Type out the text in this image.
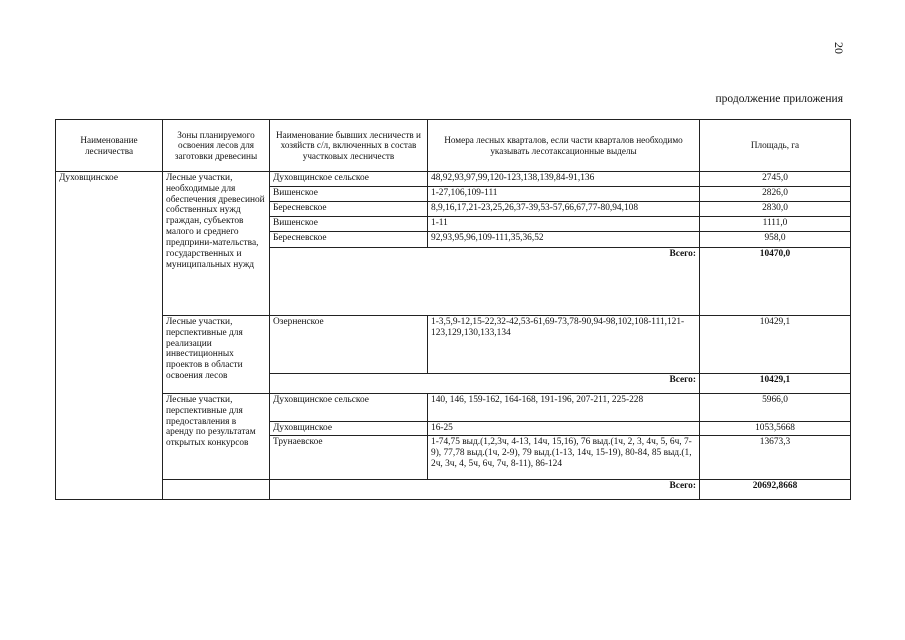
20
продолжение приложения
Наименование лесничества	Зоны планируемого освоения лесов для заготовки древесины	Наименование бывших лесничеств и хозяйств с/л, включенных в состав участковых лесничеств	Номера лесных кварталов, если части кварталов необходимо указывать лесотаксационные выделы	Площадь, га
Духовщинское	Лесные участки, необходимые для обеспечения древесиной собственных нужд граждан, субъектов малого и среднего предприни-мательства, государственных и муниципальных нужд	Духовщинское сельское	48,92,93,97,99,120-123,138,139,84-91,136	2745,0
		Вишенское	1-27,106,109-111	2826,0
		Бересневское	8,9,16,17,21-23,25,26,37-39,53-57,66,67,77-80,94,108	2830,0
		Вишенское	1-11	1111,0
		Бересневское	92,93,95,96,109-111,35,36,52	958,0
		Всего:		10470,0
	Лесные участки, перспективные для реализации инвестиционных проектов в области освоения лесов	Озерненское	1-3,5,9-12,15-22,32-42,53-61,69-73,78-90,94-98,102,108-111,121-123,129,130,133,134	10429,1
		Всего:		10429,1
	Лесные участки, перспективные для предоставления в аренду по результатам открытых конкурсов	Духовщинское сельское	140, 146, 159-162, 164-168, 191-196, 207-211, 225-228	5966,0
		Духовщинское	16-25	1053,5668
		Трунаевское	1-74,75 выд.(1,2,3ч, 4-13, 14ч, 15,16), 76 выд.(1ч, 2, 3, 4ч, 5, 6ч, 7-9), 77,78 выд.(1ч, 2-9), 79 выд.(1-13, 14ч, 15-19), 80-84, 85 выд.(1, 2ч, 3ч, 4, 5ч, 6ч, 7ч, 8-11), 86-124	13673,3
		Всего:		20692,8668
